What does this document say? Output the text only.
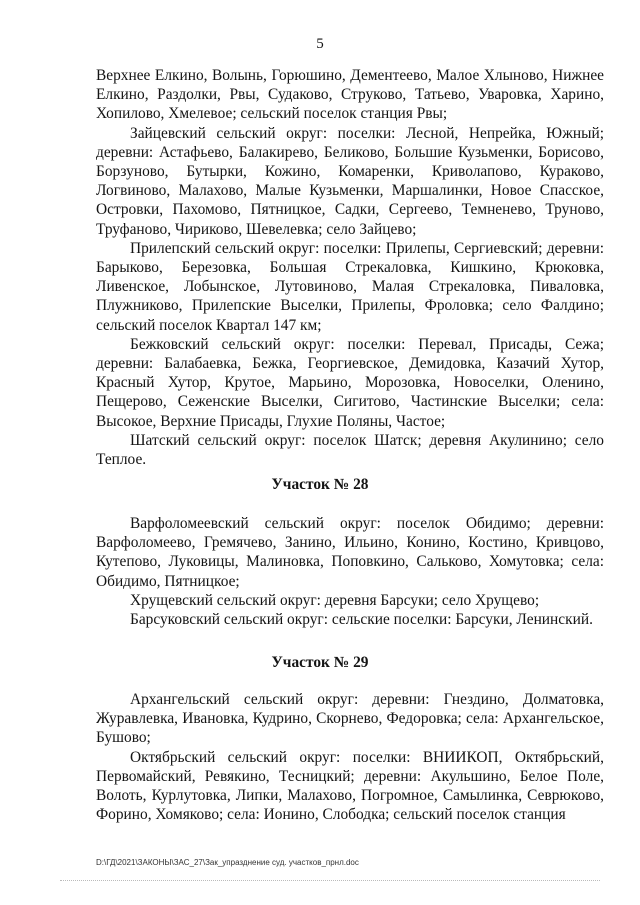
5

Верхнее Елкино, Волынь, Горюшино, Дементеево, Малое Хлыново, Нижнее Елкино, Раздолки, Рвы, Судаково, Струково, Татьево, Уваровка, Харино, Хопилово, Хмелевое; сельский поселок станция Рвы;

Зайцевский сельский округ: поселки: Лесной, Непрейка, Южный; деревни: Астафьево, Балакирево, Беликово, Большие Кузьменки, Борисово, Борзуново, Бутырки, Кожино, Комаренки, Криволапово, Кураково, Логвиново, Малахово, Малые Кузьменки, Маршалинки, Новое Спасское, Островки, Пахомово, Пятницкое, Садки, Сергеево, Темненево, Труново, Труфаново, Чириково, Шевелевка; село Зайцево;

Прилепский сельский округ: поселки: Прилепы, Сергиевский; деревни: Барыково, Березовка, Большая Стрекаловка, Кишкино, Крюковка, Ливенское, Лобынское, Лутовиново, Малая Стрекаловка, Пиваловка, Плужниково, Прилепские Выселки, Прилепы, Фроловка; село Фалдино; сельский поселок Квартал 147 км;

Бежковский сельский округ: поселки: Перевал, Присады, Сежа; деревни: Балабаевка, Бежка, Георгиевское, Демидовка, Казачий Хутор, Красный Хутор, Крутое, Марьино, Морозовка, Новоселки, Оленино, Пещерово, Сеженские Выселки, Сигитово, Частинские Выселки; села: Высокое, Верхние Присады, Глухие Поляны, Частое;

Шатский сельский округ: поселок Шатск; деревня Акулинино; село Теплое.

Участок № 28

Варфоломеевский сельский округ: поселок Обидимо; деревни: Варфоломеево, Гремячево, Занино, Ильино, Конино, Костино, Кривцово, Кутепово, Луковицы, Малиновка, Поповкино, Сальково, Хомутовка; села: Обидимо, Пятницкое;

Хрущевский сельский округ: деревня Барсуки; село Хрущево;

Барсуковский сельский округ: сельские поселки: Барсуки, Ленинский.

Участок № 29

Архангельский сельский округ: деревни: Гнездино, Долматовка, Журавлевка, Ивановка, Кудрино, Скорнево, Федоровка; села: Архангельское, Бушово;

Октябрьский сельский округ: поселки: ВНИИКОП, Октябрьский, Первомайский, Ревякино, Тесницкий; деревни: Акульшино, Белое Поле, Волоть, Курлутовка, Липки, Малахово, Погромное, Самылинка, Севрюково, Форино, Хомяково; села: Ионино, Слободка; сельский поселок станция

D:\ГД\2021\ЗАКОНЫ\ЗАС_27\Зак_упразднение суд. участков_прнл.doc
